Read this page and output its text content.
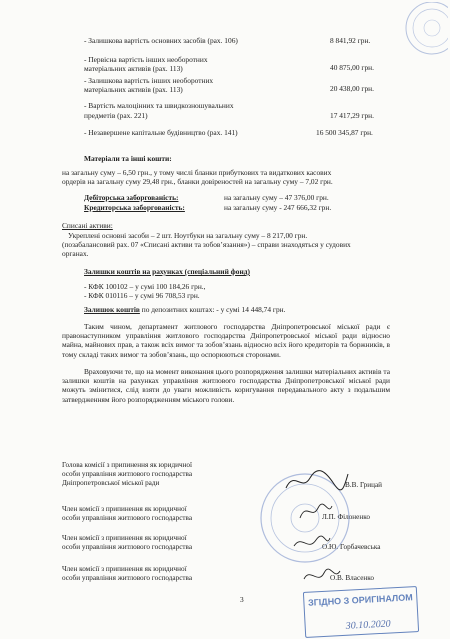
- Залишкова вартість основних засобів (рах. 106)	8 841,92 грн.
- Первісна вартість інших необоротних
матеріальних активів (рах. 113)	40 875,00 грн.
- Залишкова вартість інших необоротних
матеріальних активів (рах. 113)	20 438,00 грн.
- Вартість малоцінних та швидкозношувальних
предметів (рах. 221)	17 417,29 грн.
- Незавершене капітальне будівництво (рах. 141)	16 500 345,87 грн.
Матеріали та інші кошти:
на загальну суму – 6,50 грн., у тому числі бланки прибуткових та видаткових касових
ордерів на загальну суму 29,48 грн., бланки довіреностей на загальну суму – 7,02 грн.
Дебіторська заборгованість:	на загальну суму – 47 376,00 грн.
Кредиторська заборгованість:	на загальну суму - 247 666,32 грн.
Списані активи:
Укреплені основні засоби – 2 шт. Ноутбуки на загальну суму – 8 217,00 грн.
(позабалансовий рах. 07 «Списані активи та зобов’язання») – справи знаходяться у судових
органах.
Залишки коштів на рахунках (спеціальний фонд)
- КФК 100102 – у сумі 100 184,26 грн.,
- КФК 010116 – у сумі 96 708,53 грн.
Залишок коштів по депозитних коштах: - у сумі 14 448,74 грн.
Таким чином, департамент житлового господарства Дніпропетровської міської ради є правонаступником управління житлового господарства Дніпропетровської міської ради відносно майна, майнових прав, а також всіх вимог та зобов’язань відносно всіх його кредиторів та боржників, в тому складі таких вимог та зобов’язань, що оспорюються сторонами.
Враховуючи те, що на момент виконання цього розпорядження залишки матеріальних активів та залишки коштів на рахунках управління житлового господарства Дніпропетровської міської ради можуть змінитися, слід взяти до уваги можливість коригування передавального акту з подальшим затвердженням його розпорядженням міського голови.
Голова комісії з припинення як юридичної
особи управління житлового господарства
Дніпропетровської міської ради	В.В. Грицай
Член комісії з припинення як юридичної
особи управління житлового господарства	Л.П. Філоненко
Член комісії з припинення як юридичної
особи управління житлового господарства	О.Ю. Горбачевська
Член комісії з припинення як юридичної
особи управління житлового господарства	О.В. Власенко
3	ЗГІДНО З ОРИГІНАЛОМ
30.10.2020
